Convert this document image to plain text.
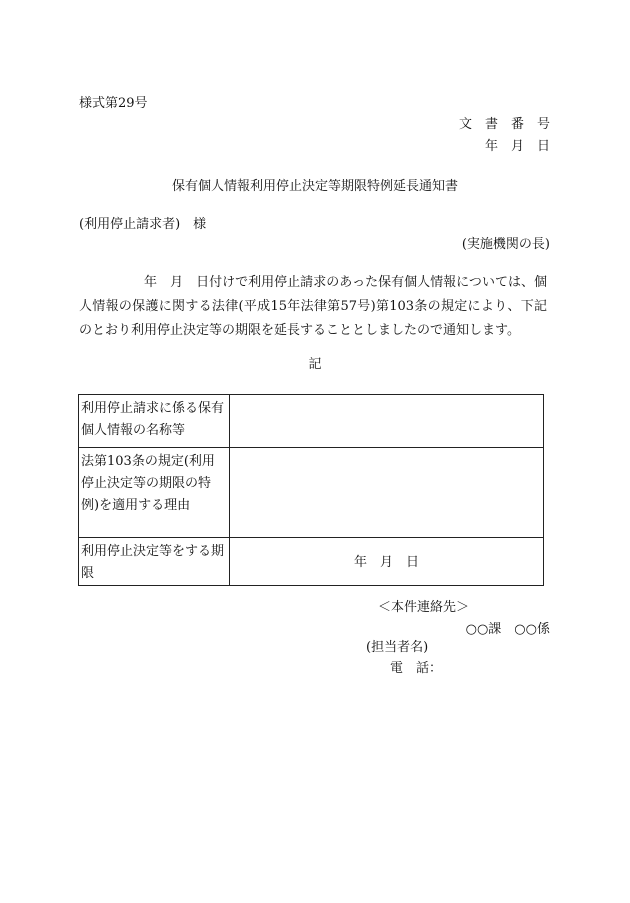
様式第29号
文　書　番　号
年　月　日
保有個人情報利用停止決定等期限特例延長通知書
(利用停止請求者)　様
(実施機関の長)
　　　　　年　月　日付けで利用停止請求のあった保有個人情報については、個人情報の保護に関する法律(平成15年法律第57号)第103条の規定により、下記のとおり利用停止決定等の期限を延長することとしましたので通知します。
記
利用停止請求に係る保有個人情報の名称等	
法第103条の規定(利用停止決定等の期限の特例)を適用する理由	
利用停止決定等をする期限	年　月　日
＜本件連絡先＞
○○課　○○係
(担当者名)
電　話：
